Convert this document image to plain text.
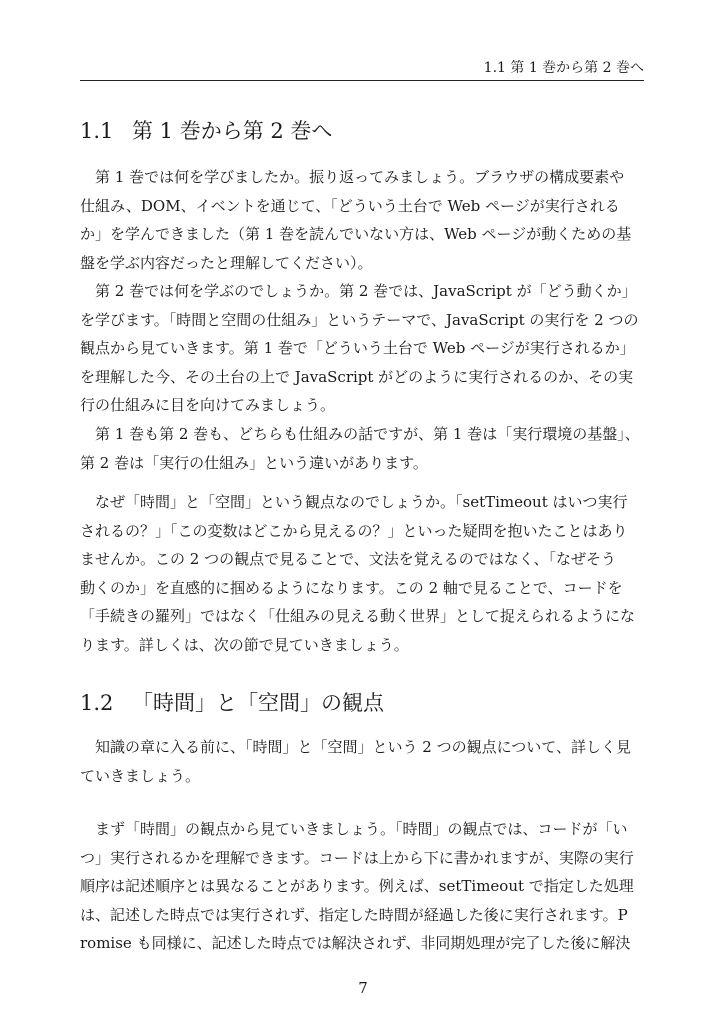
1.1 第 1 巻から第 2 巻へ
1.1 第 1 巻から第 2 巻へ
第 1 巻では何を学びましたか。振り返ってみましょう。ブラウザの構成要素や
仕組み、DOM、イベントを通じて、「どういう土台で Web ページが実行される
か」を学んできました（第 1 巻を読んでいない方は、Web ページが動くための基
盤を学ぶ内容だったと理解してください）。
第 2 巻では何を学ぶのでしょうか。第 2 巻では、JavaScript が「どう動くか」
を学びます。「時間と空間の仕組み」というテーマで、JavaScript の実行を 2 つの
観点から見ていきます。第 1 巻で「どういう土台で Web ページが実行されるか」
を理解した今、その土台の上で JavaScript がどのように実行されるのか、その実
行の仕組みに目を向けてみましょう。
第 1 巻も第 2 巻も、どちらも仕組みの話ですが、第 1 巻は「実行環境の基盤」、
第 2 巻は「実行の仕組み」という違いがあります。
なぜ「時間」と「空間」という観点なのでしょうか。「setTimeout はいつ実行
されるの？」「この変数はどこから見えるの？」といった疑問を抱いたことはあり
ませんか。この 2 つの観点で見ることで、文法を覚えるのではなく、「なぜそう
動くのか」を直感的に掴めるようになります。この 2 軸で見ることで、コードを
「手続きの羅列」ではなく「仕組みの見える動く世界」として捉えられるようにな
ります。詳しくは、次の節で見ていきましょう。
1.2 「時間」と「空間」の観点
知識の章に入る前に、「時間」と「空間」という 2 つの観点について、詳しく見
ていきましょう。
まず「時間」の観点から見ていきましょう。「時間」の観点では、コードが「い
つ」実行されるかを理解できます。コードは上から下に書かれますが、実際の実行
順序は記述順序とは異なることがあります。例えば、setTimeout で指定した処理
は、記述した時点では実行されず、指定した時間が経過した後に実行されます。P
romise も同様に、記述した時点では解決されず、非同期処理が完了した後に解決
7
